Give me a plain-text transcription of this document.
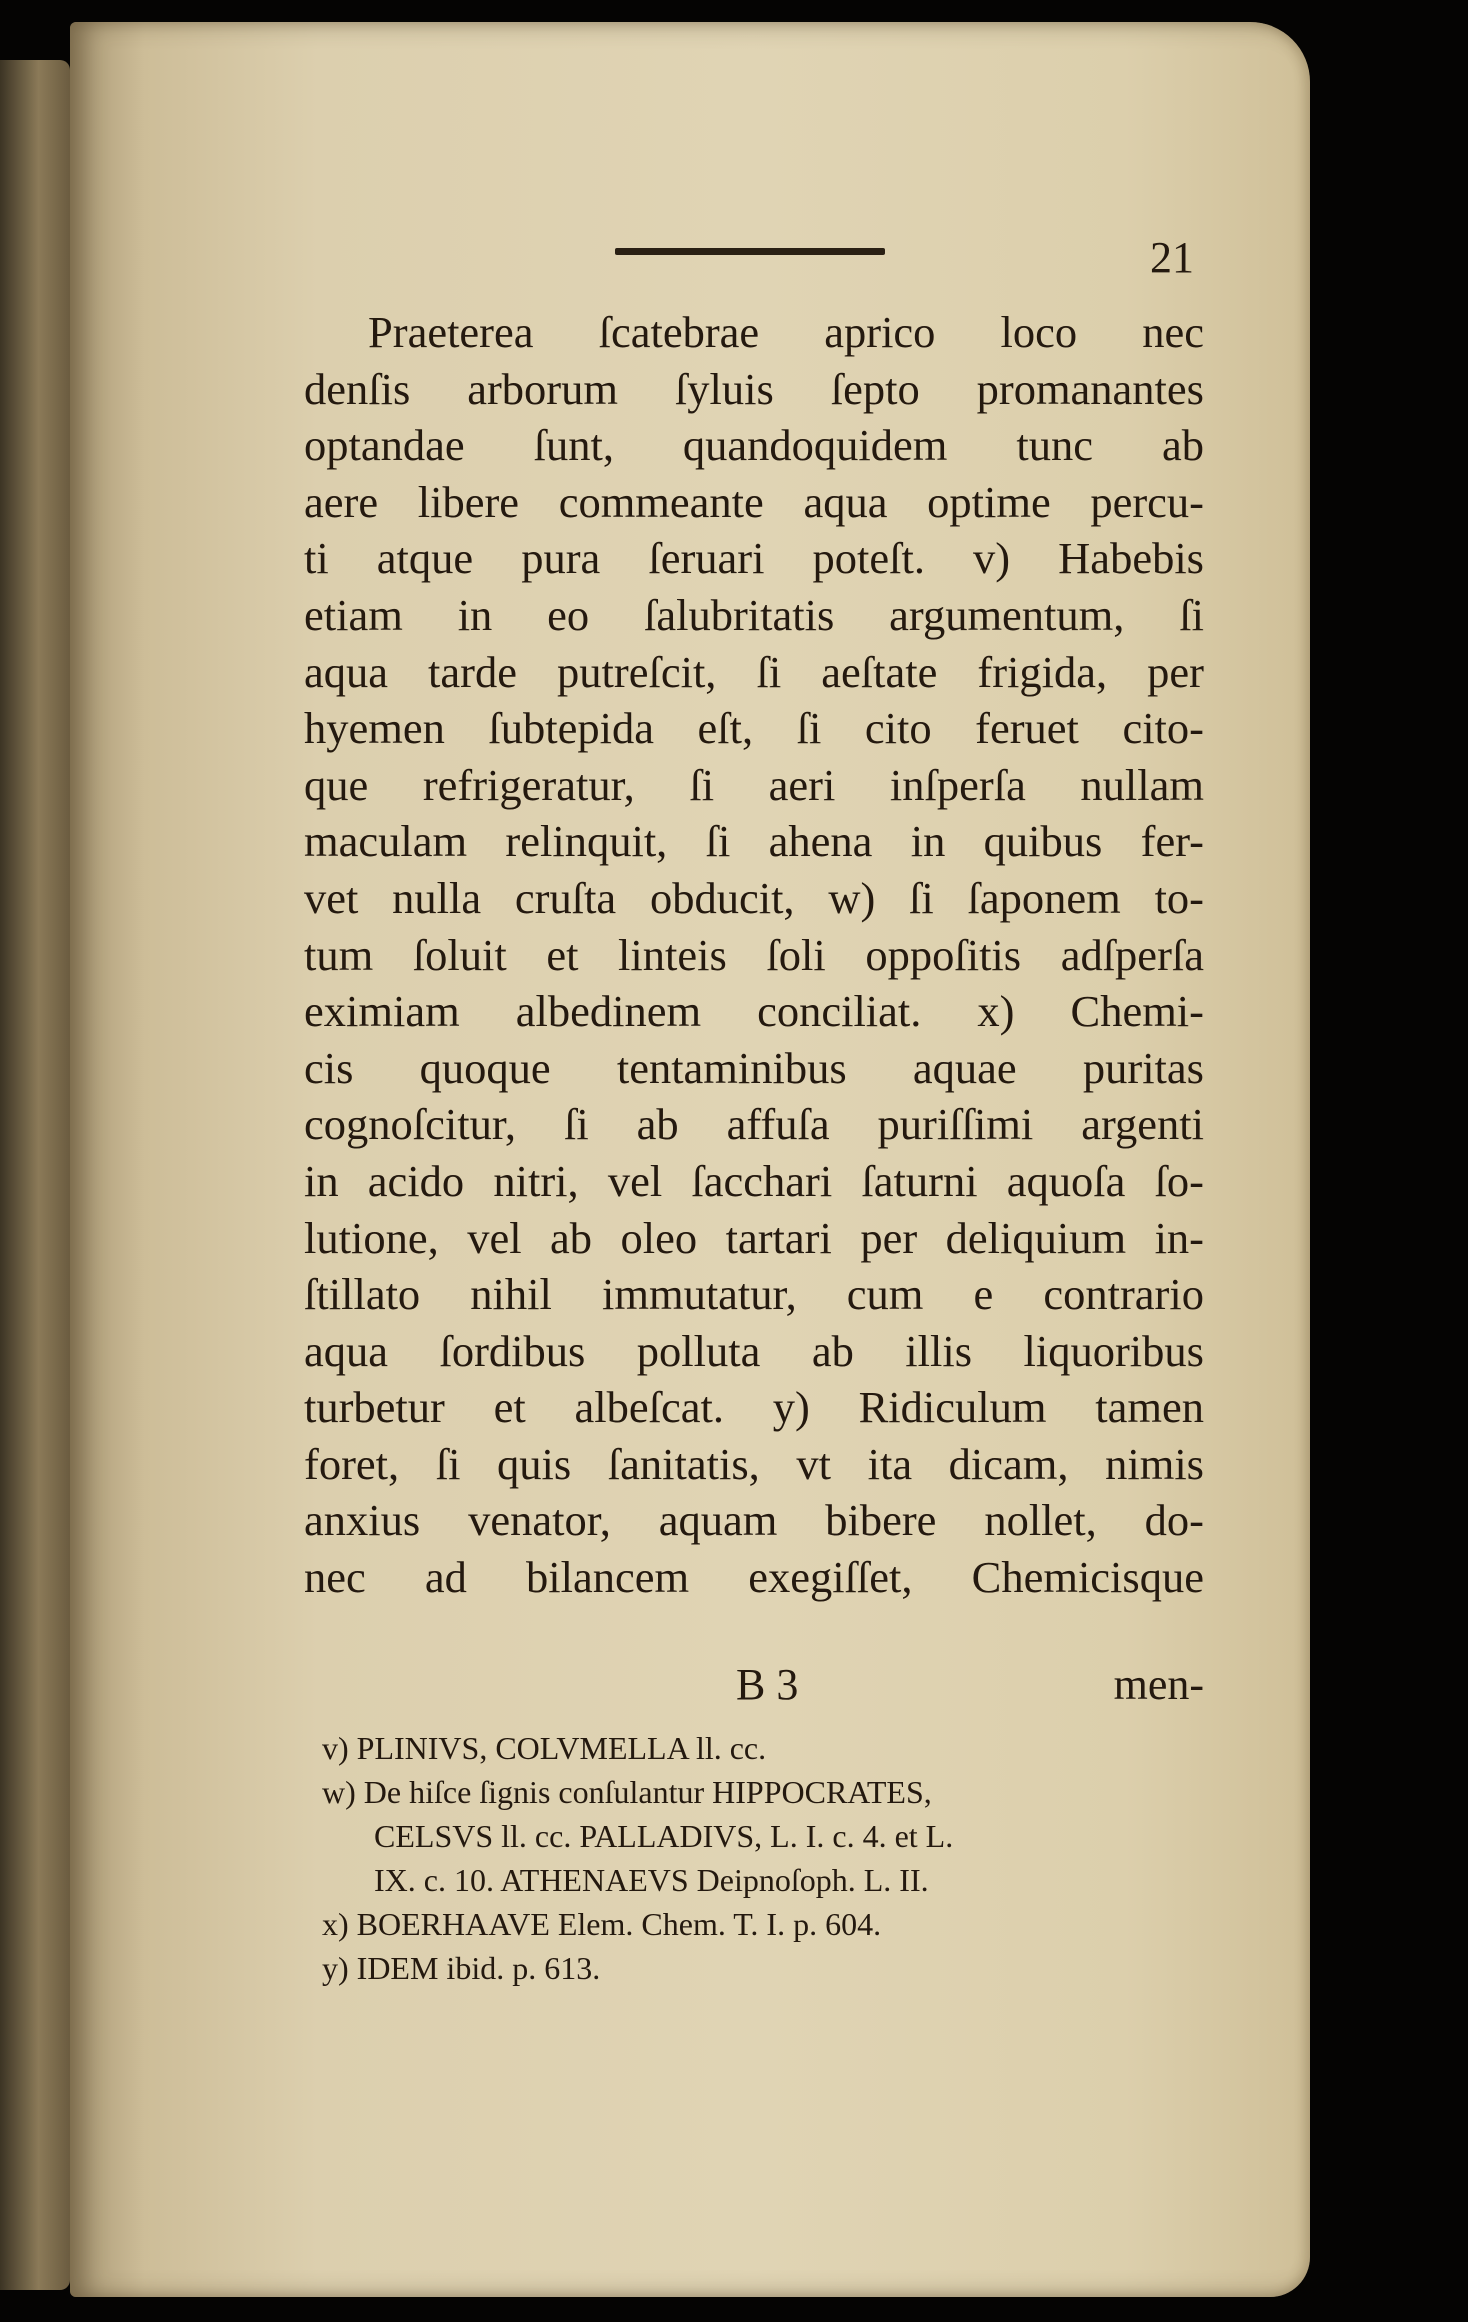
21
Praeterea ſcatebrae aprico loco nec
denſis arborum ſyluis ſepto promanantes
optandae ſunt, quandoquidem tunc ab
aere libere commeante aqua optime percu-
ti atque pura ſeruari poteſt. v) Habebis
etiam in eo ſalubritatis argumentum, ſi
aqua tarde putreſcit, ſi aeſtate frigida, per
hyemen ſubtepida eſt, ſi cito feruet cito-
que refrigeratur, ſi aeri inſperſa nullam
maculam relinquit, ſi ahena in quibus fer-
vet nulla cruſta obducit, w) ſi ſaponem to-
tum ſoluit et linteis ſoli oppoſitis adſperſa
eximiam albedinem conciliat. x) Chemi-
cis quoque tentaminibus aquae puritas
cognoſcitur, ſi ab affuſa puriſſimi argenti
in acido nitri, vel ſacchari ſaturni aquoſa ſo-
lutione, vel ab oleo tartari per deliquium in-
ſtillato nihil immutatur, cum e contrario
aqua ſordibus polluta ab illis liquoribus
turbetur et albeſcat. y) Ridiculum tamen
foret, ſi quis ſanitatis, vt ita dicam, nimis
anxius venator, aquam bibere nollet, do-
nec ad bilancem exegiſſet, Chemicisque
B 3	men-
v) PLINIVS, COLVMELLA ll. cc.
w) De hiſce ſignis conſulantur HIPPOCRATES,
CELSVS ll. cc. PALLADIVS, L. I. c. 4. et L.
IX. c. 10. ATHENAEVS Deipnoſoph. L. II.
x) BOERHAAVE Elem. Chem. T. I. p. 604.
y) IDEM ibid. p. 613.
